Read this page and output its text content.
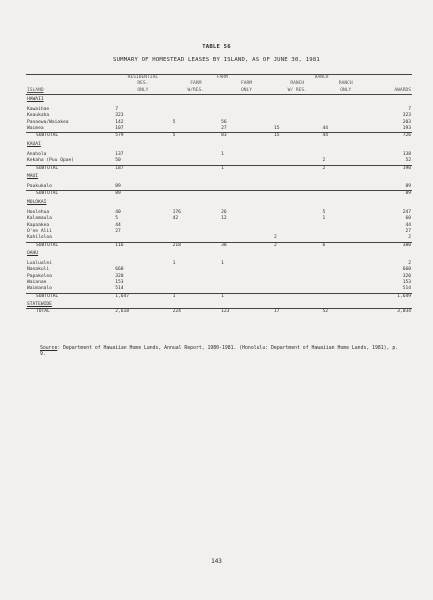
TABLE 56
SUMMARY OF HOMESTEAD LEASES BY ISLAND, AS OF JUNE 30, 1981
	RESIDENTIAL	FARM		RANCH		
	RES.	FARM	FARM	RANCH	RANCH	
ISLAND	ONLY	W/RES.	ONLY	W/ RES.	ONLY	AWARDS
HAWAII						

Kawaihae	7					7
Keaukaha	323					323
Panaewa/Waiakea	142	5	56			203
Waimea	107		27	15	44	193
SUBTOTAL	579	5	83	15	44	726
KAUAI						

Anahola	137		1			138
Kekaha (Puu Opae)	50				2	52
SUBTOTAL	187		1		2	190
MAUI						

Paukukalo	89					89
SUBTOTAL	89					89
MOLOKAI						

Hoolehua	40	176	26		5	247
Kalamaula	5	42	12		1	60
Kapaakea	44					44
O'ne Alii	27					27
Kahiloloa				2		2
SUBTOTAL	116	218	38	2	6	380
OAHU						

Lualualei		1	1			2
Nanakuli	660					660
Papakolea	320					320
Waianae	153					153
Waimanalo	514					514
SUBTOTAL	1,647	1	1			1,649
STATEWIDE						
TOTAL	2,618	224	123	17	52	3,034
Source: Department of Hawaiian Home Lands, Annual Report, 1980-1981. (Honolulu: Department of Hawaiian Home Lands, 1981), p. 9.
143
